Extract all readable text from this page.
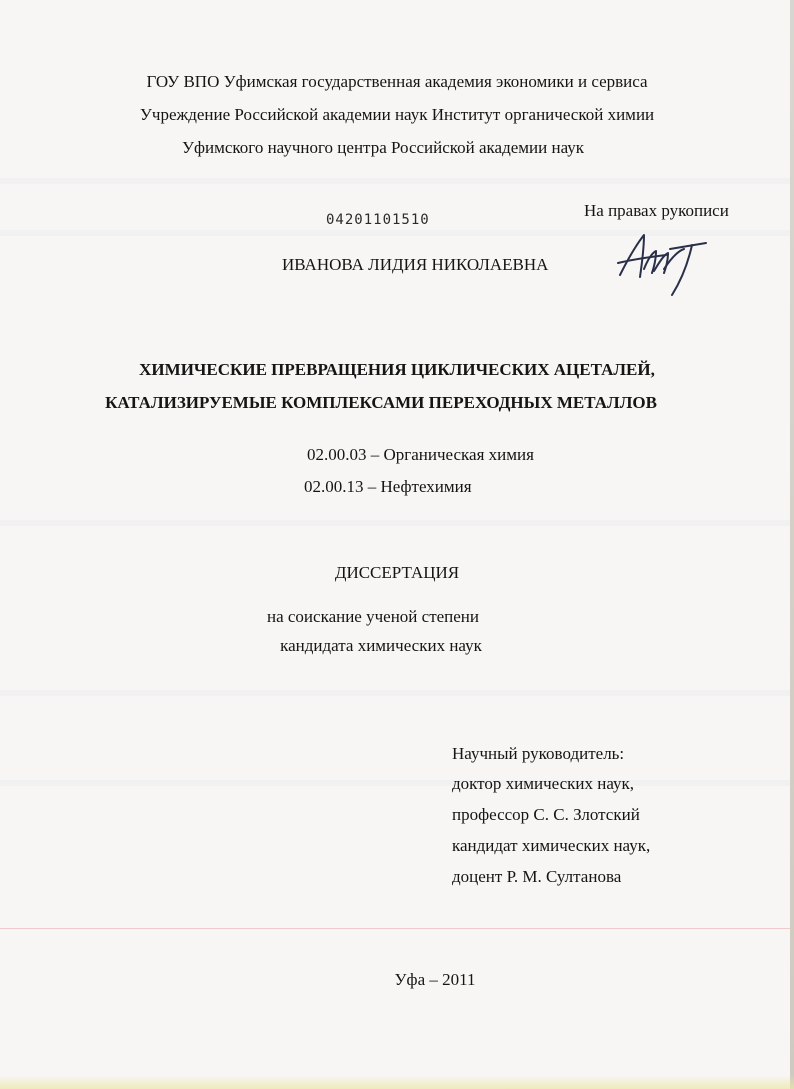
ГОУ ВПО Уфимская государственная академия экономики и сервиса
Учреждение Российской академии наук Институт органической химии
Уфимского научного центра Российской академии наук
04201101510	На правах рукописи
ИВАНОВА ЛИДИЯ НИКОЛАЕВНА
ХИМИЧЕСКИЕ ПРЕВРАЩЕНИЯ ЦИКЛИЧЕСКИХ АЦЕТАЛЕЙ,
КАТАЛИЗИРУЕМЫЕ КОМПЛЕКСАМИ ПЕРЕХОДНЫХ МЕТАЛЛОВ
02.00.03 – Органическая химия
02.00.13 – Нефтехимия
ДИССЕРТАЦИЯ
на соискание ученой степени
кандидата химических наук
Научный руководитель:
доктор химических наук,
профессор С. С. Злотский
кандидат химических наук,
доцент Р. М. Султанова
Уфа – 2011
